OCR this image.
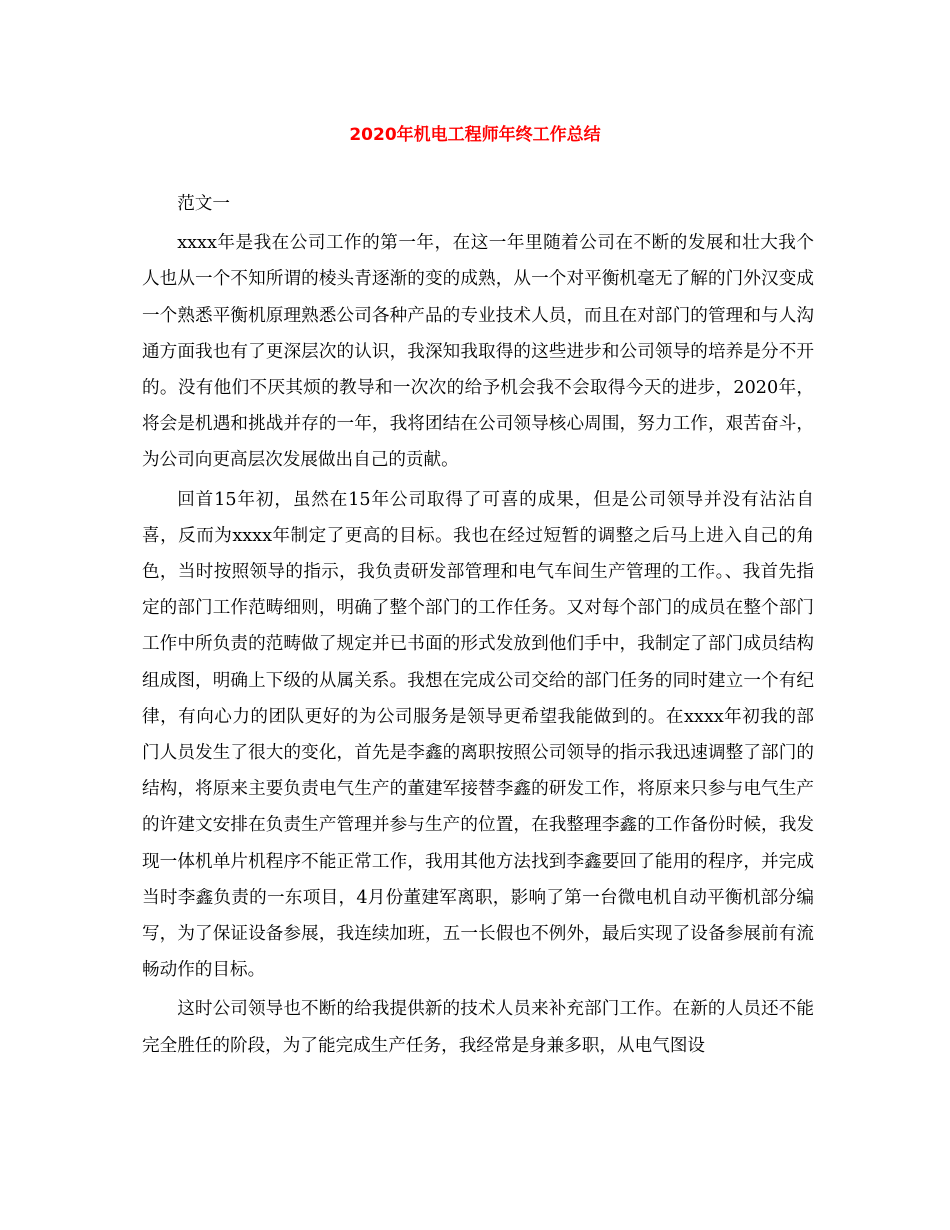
2020年机电工程师年终工作总结

范文一

xxxx年是我在公司工作的第一年，在这一年里随着公司在不断的发展和壮大我个人也从一个不知所谓的棱头青逐渐的变的成熟，从一个对平衡机毫无了解的门外汉变成一个熟悉平衡机原理熟悉公司各种产品的专业技术人员，而且在对部门的管理和与人沟通方面我也有了更深层次的认识，我深知我取得的这些进步和公司领导的培养是分不开的。没有他们不厌其烦的教导和一次次的给予机会我不会取得今天的进步，2020年，将会是机遇和挑战并存的一年，我将团结在公司领导核心周围，努力工作，艰苦奋斗，为公司向更高层次发展做出自己的贡献。

回首15年初，虽然在15年公司取得了可喜的成果，但是公司领导并没有沾沾自喜，反而为xxxx年制定了更高的目标。我也在经过短暂的调整之后马上进入自己的角色，当时按照领导的指示，我负责研发部管理和电气车间生产管理的工作。、我首先指定的部门工作范畴细则，明确了整个部门的工作任务。又对每个部门的成员在整个部门工作中所负责的范畴做了规定并已书面的形式发放到他们手中，我制定了部门成员结构组成图，明确上下级的从属关系。我想在完成公司交给的部门任务的同时建立一个有纪律，有向心力的团队更好的为公司服务是领导更希望我能做到的。在xxxx年初我的部门人员发生了很大的变化，首先是李鑫的离职按照公司领导的指示我迅速调整了部门的结构，将原来主要负责电气生产的董建军接替李鑫的研发工作，将原来只参与电气生产的许建文安排在负责生产管理并参与生产的位置，在我整理李鑫的工作备份时候，我发现一体机单片机程序不能正常工作，我用其他方法找到李鑫要回了能用的程序，并完成当时李鑫负责的一东项目，4月份董建军离职，影响了第一台微电机自动平衡机部分编写，为了保证设备参展，我连续加班，五一长假也不例外，最后实现了设备参展前有流畅动作的目标。

这时公司领导也不断的给我提供新的技术人员来补充部门工作。在新的人员还不能完全胜任的阶段，为了能完成生产任务，我经常是身兼多职，从电气图设
